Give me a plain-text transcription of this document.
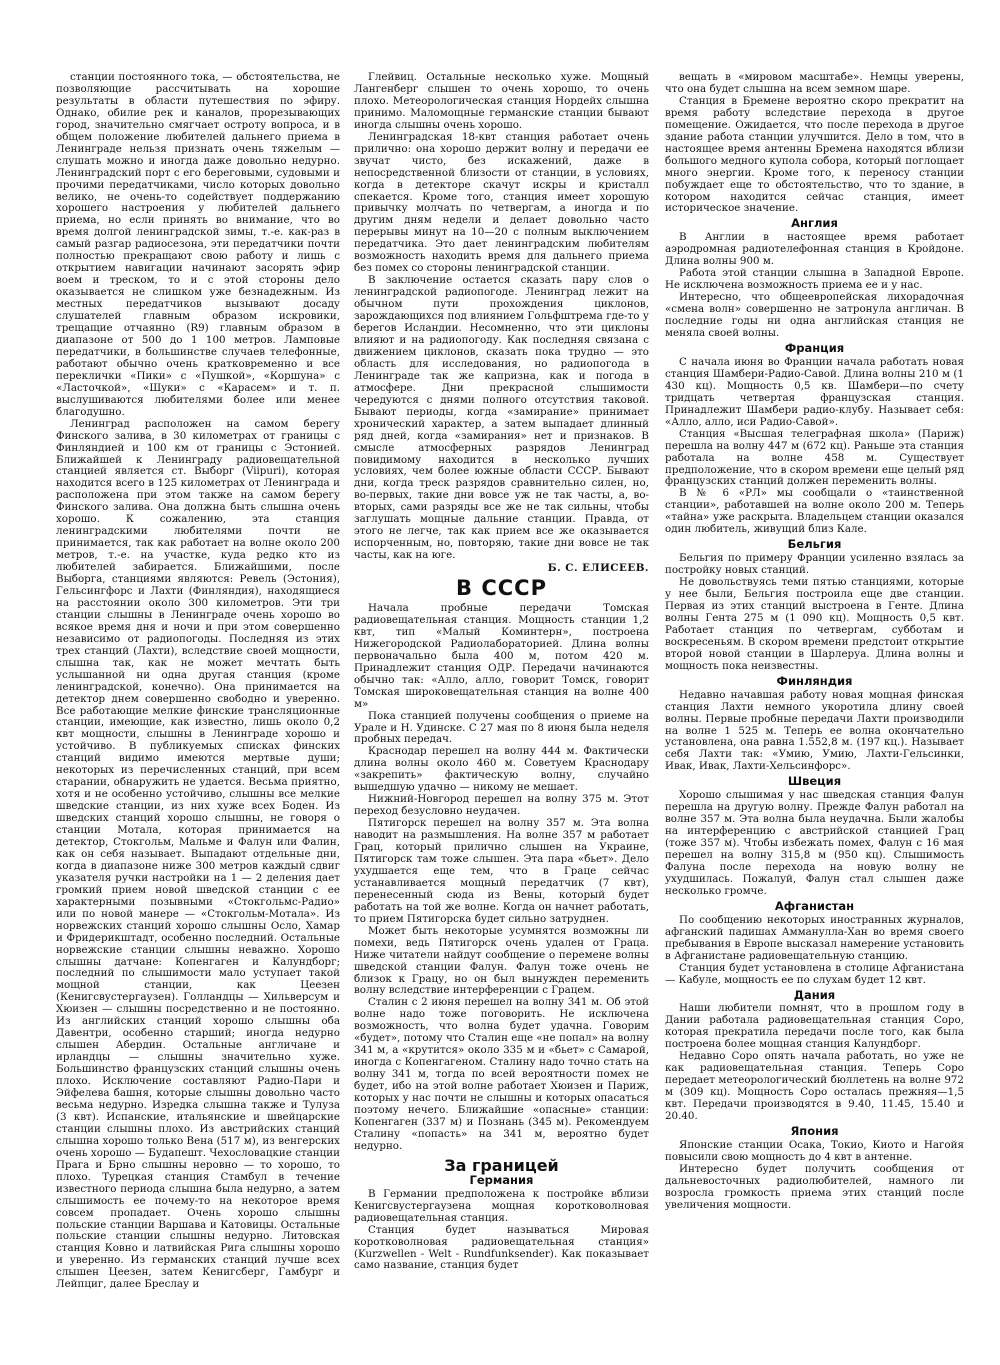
станции постоянного тока, — обстоятельства, не позволяющие рассчитывать на хорошие результаты в области путешествия по эфиру. Однако, обилие рек и каналов, прорезывающих город, значительно смягчает остроту вопроса, и в общем положение любителей дальнего приема в Ленинграде нельзя признать очень тяжелым — слушать можно и иногда даже довольно недурно. Ленинградский порт с его береговыми, судовыми и прочими передатчиками, число которых довольно велико, не очень-то содействует поддержанию хорошего настроения у любителей дальнего приема, но если принять во внимание, что во время долгой ленинградской зимы, т.-е. как-раз в самый разгар радиосезона, эти передатчики почти полностью прекращают свою работу и лишь с открытием навигации начинают засорять эфир воем и треском, то и с этой стороны дело оказывается не слишком уже безнадежным. Из местных передатчиков вызывают досаду слушателей главным образом искровики, трещащие отчаянно (R9) главным образом в диапазоне от 500 до 1 100 метров. Ламповые передатчики, в большинстве случаев телефонные, работают обычно очень кратковременно и все переклички «Пики» с «Пушкой», «Коршуна» с «Ласточкой», «Шуки» с «Карасем» и т. п. выслушиваются любителями более или менее благодушно.

Ленинград расположен на самом берегу Финского залива, в 30 километрах от границы с Финляндией и 100 км от границы с Эстонией. Ближайшей к Ленинграду радиовещательной станцией является ст. Выборг (Viipuri), которая находится всего в 125 километрах от Ленинграда и расположена при этом также на самом берегу Финского залива. Она должна быть слышна очень хорошо. К сожалению, эта станция ленинградскими любителями почти не принимается, так как работает на волне около 200 метров, т.-е. на участке, куда редко кто из любителей забирается. Ближайшими, после Выборга, станциями являются: Ревель (Эстония), Гельсингфорс и Лахти (Финляндия), находящиеся на расстоянии около 300 километров. Эти три станции слышны в Ленинграде очень хорошо во всякое время дня и ночи и при этом совершенно независимо от радиопогоды. Последняя из этих трех станций (Лахти), вследствие своей мощности, слышна так, как не может мечтать быть услышанной ни одна другая станция (кроме ленинградской, конечно). Она принимается на детектор днем совершенно свободно и уверенно. Все работающие мелкие финские трансляционные станции, имеющие, как известно, лишь около 0,2 квт мощности, слышны в Ленинграде хорошо и устойчиво. В публикуемых списках финских станций видимо имеются мертвые души; некоторых из перечисленных станций, при всем старании, обнаружить не удается. Весьма приятно, хотя и не особенно устойчиво, слышны все мелкие шведские станции, из них хуже всех Боден. Из шведских станций хорошо слышны, не говоря о станции Мотала, которая принимается на детектор, Стокгольм, Мальме и Фалун или Фалин, как он себя называет. Выпадают отдельные дни, когда в диапазоне ниже 300 метров каждый сдвиг указателя ручки настройки на 1 — 2 деления дает громкий прием новой шведской станции с ее характерными позывными «Стокгольмс-Радио» или по новой манере — «Стокгольм-Мотала». Из норвежских станций хорошо слышны Осло, Хамар и Фридерикштадт, особенно последний. Остальные норвежские станции слышны неважно. Хорошо слышны датчане: Копенгаген и Калундборг; последний по слышимости мало уступает такой мощной станции, как Цеезен (Кенигсвустергаузен). Голландцы — Хильверсум и Хюизен — слышны посредственно и не постоянно. Из английских станций хорошо слышны оба Давентри, особенно старший; иногда недурно слышен Абердин. Остальные англичане и ирландцы — слышны значительно хуже. Большинство французских станций слышны очень плохо. Исключение составляют Радио-Пари и Эйфелева башня, которые слышны довольно часто весьма недурно. Изредка слышна также и Тулуза (3 квт). Испанские, итальянские и швейцарские станции слышны плохо. Из австрийских станций слышна хорошо только Вена (517 м), из венгерских очень хорошо — Будапешт. Чехословацкие станции Прага и Брно слышны неровно — то хорошо, то плохо. Турецкая станция Стамбул в течение известного периода слышна была недурно, а затем слышимость ее почему-то на некоторое время совсем пропадает. Очень хорошо слышны польские станции Варшава и Катовицы. Остальные польские станции слышны недурно. Литовская станция Ковно и латвийская Рига слышны хорошо и уверенно. Из германских станций лучше всех слышен Цеезен, затем Кенигсберг, Гамбург и Лейпциг, далее Бреслау и

Глейвиц. Остальные несколько хуже. Мощный Лангенберг слышен то очень хорошо, то очень плохо. Метеорологическая станция Нордейх слышна принимо. Маломощные германские станции бывают иногда слышны очень хорошо.

Ленинградская 18-квт станция работает очень прилично: она хорошо держит волну и передачи ее звучат чисто, без искажений, даже в непосредственной близости от станции, в условиях, когда в детекторе скачут искры и кристалл спекается. Кроме того, станция имеет хорошую привычку молчать по четвергам, а иногда и по другим дням недели и делает довольно часто перерывы минут на 10—20 с полным выключением передатчика. Это дает ленинградским любителям возможность находить время для дальнего приема без помех со стороны ленинградской станции.

В заключение остается сказать пару слов о ленинградской радиопогоде. Ленинград лежит на обычном пути прохождения циклонов, зарождающихся под влиянием Гольфштрема где-то у берегов Исландии. Несомненно, что эти циклоны влияют и на радиопогоду. Как последняя связана с движением циклонов, сказать пока трудно — это область для исследования, но радиопогода в Ленинграде так же капризна, как и погода в атмосфере. Дни прекрасной слышимости чередуются с днями полного отсутствия таковой. Бывают периоды, когда «замирание» принимает хронический характер, а затем выпадает длинный ряд дней, когда «замирания» нет и признаков. В смысле атмосферных разрядов Ленинград повидимому находится в несколько лучших условиях, чем более южные области СССР. Бывают дни, когда треск разрядов сравнительно силен, но, во-первых, такие дни вовсе уж не так часты, а, во-вторых, сами разряды все же не так сильны, чтобы заглушать мощные дальние станции. Правда, от этого не легче, так как прием все же оказывается испорченным, но, повторяю, такие дни вовсе не так часты, как на юге.

Б. С. ЕЛИСЕЕВ.
В СССР

Начала пробные передачи Томская радиовещательная станция. Мощность станции 1,2 квт, тип «Малый Коминтерн», построена Нижегородской Радиолабораторией. Длина волны первоначально была 400 м, потом 420 м. Принадлежит станция ОДР. Передачи начинаются обычно так: «Алло, алло, говорит Томск, говорит Томская широковещательная станция на волне 400 м»

Пока станцией получены сообщения о приеме на Урале и Н. Удинске. С 27 мая по 8 июня была неделя пробных передач.

Краснодар перешел на волну 444 м. Фактически длина волны около 460 м. Советуем Краснодару «закрепить» фактическую волну, случайно вышедшую удачно — никому не мешает.

Нижний-Новгород перешел на волну 375 м. Этот переход безусловно неудачен.

Пятигорск перешел на волну 357 м. Эта волна наводит на размышления. На волне 357 м работает Грац, который прилично слышен на Украине, Пятигорск там тоже слышен. Эта пара «бьет». Дело ухудшается еще тем, что в Граце сейчас устанавливается мощный передатчик (7 квт), перенесенный сюда из Вены, который будет работать на той же волне. Когда он начнет работать, то прием Пятигорска будет сильно затруднен.

Может быть некоторые усумнятся возможны ли помехи, ведь Пятигорск очень удален от Граца. Ниже читатели найдут сообщение о перемене волны шведской станции Фалун. Фалун тоже очень не близок к Грацу, но он был вынужден переменить волну вследствие интерференции с Грацем.

Сталин с 2 июня перешел на волну 341 м. Об этой волне надо тоже поговорить. Не исключена возможность, что волна будет удачна. Говорим «будет», потому что Сталин еще «не попал» на волну 341 м, а «крутится» около 335 м и «бьет» с Самарой, иногда с Копенгагеном. Сталину надо точно стать на волну 341 м, тогда по всей вероятности помех не будет, ибо на этой волне работает Хюизен и Париж, которых у нас почти не слышны и которых опасаться поэтому нечего. Ближайшие «опасные» станции: Копенгаген (337 м) и Познань (345 м). Рекомендуем Сталину «попасть» на 341 м, вероятно будет недурно.

За границей
Германия

В Германии предположена к постройке вблизи Кенигсвустергаузена мощная коротковолновая радиовещательная станция.

Станция будет называться Мировая коротковолновая радиовещательная станция» (Kurzwellen - Welt - Rundfunksender). Как показывает само название, станция будет

вещать в «мировом масштабе». Немцы уверены, что она будет слышна на всем земном шаре.

Станция в Бремене вероятно скоро прекратит на время работу вследствие перехода в другое помещение. Ожидается, что после перехода в другое здание работа станции улучшится. Дело в том, что в настоящее время антенны Бремена находятся вблизи большого медного купола собора, который поглощает много энергии. Кроме того, к переносу станции побуждает еще то обстоятельство, что то здание, в котором находится сейчас станция, имеет историческое значение.

Англия

В Англии в настоящее время работает аэродромная радиотелефонная станция в Кройдоне. Длина волны 900 м.

Работа этой станции слышна в Западной Европе. Не исключена возможность приема ее и у нас.

Интересно, что общеевропейская лихорадочная «смена волн» совершенно не затронула англичан. В последние годы ни одна английская станция не меняла своей волны.

Франция

С начала июня во Франции начала работать новая станция Шамбери-Радио-Савой. Длина волны 210 м (1 430 кц). Мощность 0,5 кв. Шамбери—по счету тридцать четвертая французская станция. Принадлежит Шамбери радио-клубу. Называет себя: «Алло, алло, иси Радио-Савой».

Станция «Высшая телеграфная школа» (Париж) перешла на волну 447 м (672 кц). Раньше эта станция работала на волне 458 м. Существует предположение, что в скором времени еще целый ряд французских станций должен переменить волны.

В № 6 «РЛ» мы сообщали о «таинственной станции», работавшей на волне около 200 м. Теперь «тайна» уже раскрыта. Владельцем станции оказался один любитель, живущий близ Кале.

Бельгия

Бельгия по примеру Франции усиленно взялась за постройку новых станций.

Не довольствуясь теми пятью станциями, которые у нее были, Бельгия построила еще две станции. Первая из этих станций выстроена в Генте. Длина волны Гента 275 м (1 090 кц). Мощность 0,5 квт. Работает станция по четвергам, субботам и воскресеньям. В скором времени предстоит открытие второй новой станции в Шарлеруа. Длина волны и мощность пока неизвестны.

Финляндия

Недавно начавшая работу новая мощная финская станция Лахти немного укоротила длину своей волны. Первые пробные передачи Лахти производили на волне 1 525 м. Теперь ее волна окончательно установлена, она равна 1.552,8 м. (197 кц.). Называет себя Лахти так: «Умию, Умию, Лахти-Гельсинки, Ивак, Ивак, Лахти-Хельсинфорс».

Швеция

Хорошо слышимая у нас шведская станция Фалун перешла на другую волну. Прежде Фалун работал на волне 357 м. Эта волна была неудачна. Были жалобы на интерференцию с австрийской станцией Грац (тоже 357 м). Чтобы избежать помех, Фалун с 16 мая перешел на волну 315,8 м (950 кц). Слышимость Фалуна после перехода на новую волну не ухудшилась. Пожалуй, Фалун стал слышен даже несколько громче.

Афганистан

По сообщению некоторых иностранных журналов, афганский падишах Аммануллa-Хан во время своего пребывания в Европе высказал намерение установить в Афганистане радиовещательную станцию.

Станция будет установлена в столице Афганистана — Кабуле, мощность ее по слухам будет 12 квт.

Дания

Наши любители помнят, что в прошлом году в Дании работала радиовещательная станция Соро, которая прекратила передачи после того, как была построена более мощная станция Калундборг.

Недавно Соро опять начала работать, но уже не как радиовещательная станция. Теперь Соро передает метеорологический бюллетень на волне 972 м (309 кц). Мощность Соро осталась прежняя—1,5 квт. Передачи производятся в 9.40, 11.45, 15.40 и 20.40.

Япония

Японские станции Осака, Токио, Киото и Нагойя повысили свою мощность до 4 квт в антенне.

Интересно будет получить сообщения от дальневосточных радиолюбителей, намного ли возросла громкость приема этих станций после увеличения мощности.
